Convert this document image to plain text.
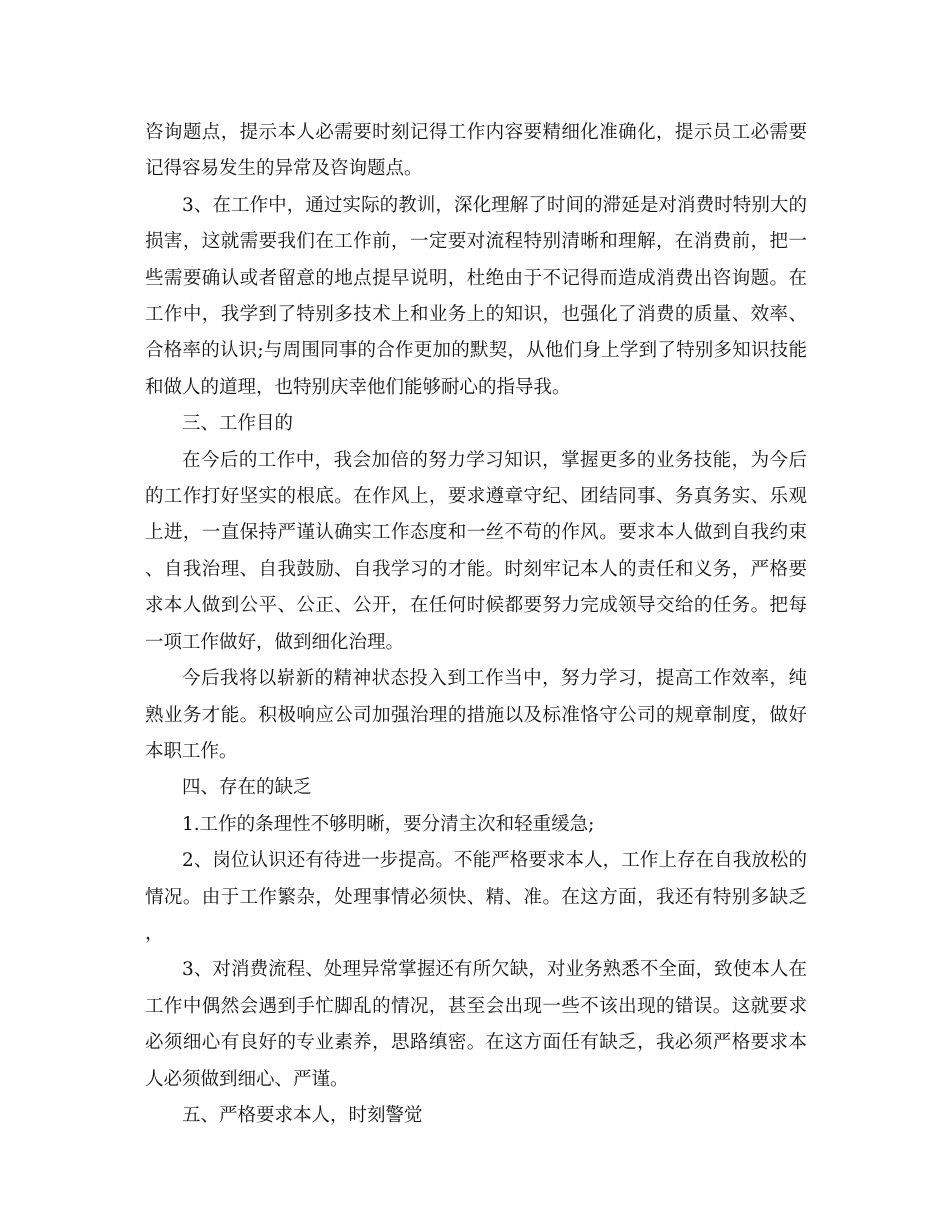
咨询题点，提示本人必需要时刻记得工作内容要精细化准确化，提示员工必需要记得容易发生的异常及咨询题点。

3、在工作中，通过实际的教训，深化理解了时间的滞延是对消费时特别大的损害，这就需要我们在工作前，一定要对流程特别清晰和理解，在消费前，把一些需要确认或者留意的地点提早说明，杜绝由于不记得而造成消费出咨询题。在工作中，我学到了特别多技术上和业务上的知识，也强化了消费的质量、效率、合格率的认识;与周围同事的合作更加的默契，从他们身上学到了特别多知识技能和做人的道理，也特别庆幸他们能够耐心的指导我。

三、工作目的

在今后的工作中，我会加倍的努力学习知识，掌握更多的业务技能，为今后的工作打好坚实的根底。在作风上，要求遵章守纪、团结同事、务真务实、乐观上进，一直保持严谨认确实工作态度和一丝不苟的作风。要求本人做到自我约束、自我治理、自我鼓励、自我学习的才能。时刻牢记本人的责任和义务，严格要求本人做到公平、公正、公开，在任何时候都要努力完成领导交给的任务。把每一项工作做好，做到细化治理。

今后我将以崭新的精神状态投入到工作当中，努力学习，提高工作效率，纯熟业务才能。积极响应公司加强治理的措施以及标准恪守公司的规章制度，做好本职工作。

四、存在的缺乏

1.工作的条理性不够明晰，要分清主次和轻重缓急;

2、岗位认识还有待进一步提高。不能严格要求本人，工作上存在自我放松的情况。由于工作繁杂，处理事情必须快、精、准。在这方面，我还有特别多缺乏，

3、对消费流程、处理异常掌握还有所欠缺，对业务熟悉不全面，致使本人在工作中偶然会遇到手忙脚乱的情况，甚至会出现一些不该出现的错误。这就要求必须细心有良好的专业素养，思路缜密。在这方面任有缺乏，我必须严格要求本人必须做到细心、严谨。

五、严格要求本人，时刻警觉
